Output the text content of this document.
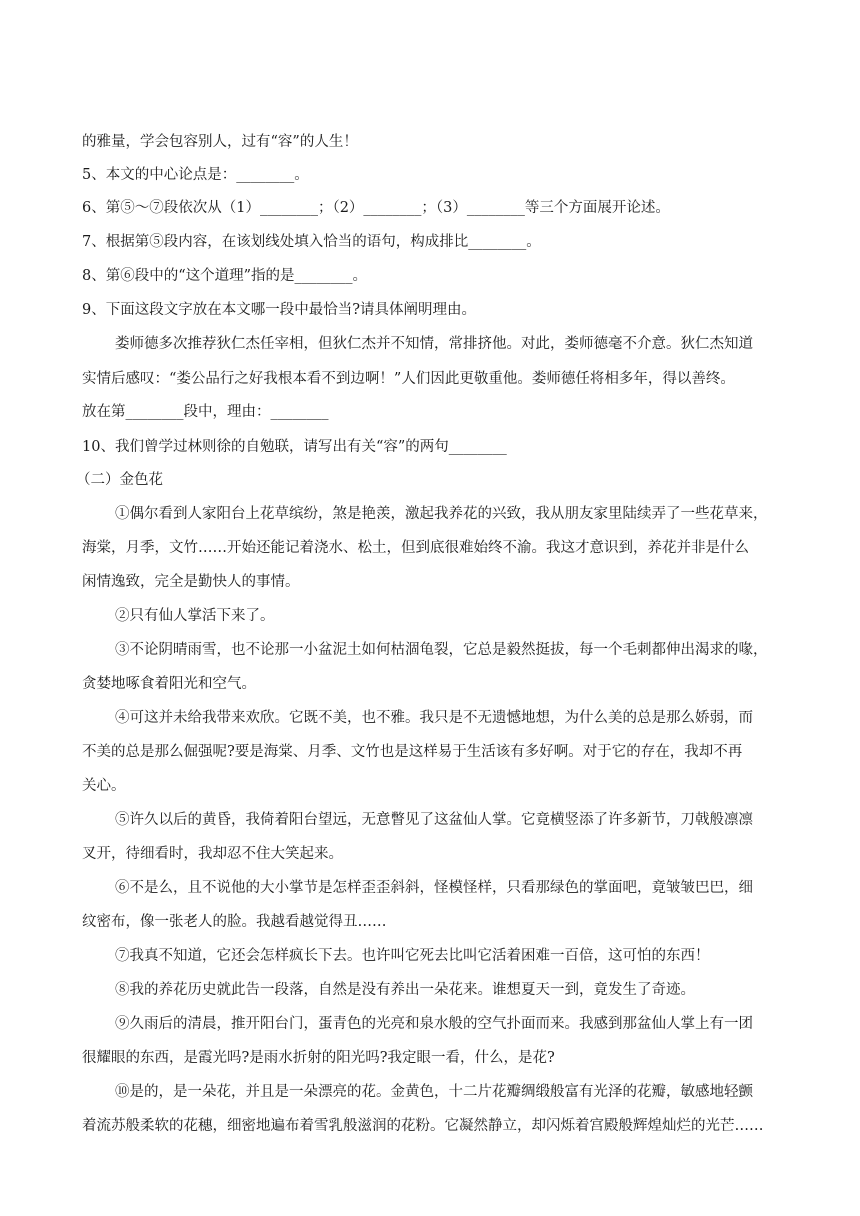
的雅量，学会包容别人，过有“容”的人生！
5、本文的中心论点是：________。
6、第⑤～⑦段依次从（1）________；（2）________；（3）________等三个方面展开论述。
7、根据第⑤段内容，在该划线处填入恰当的语句，构成排比________。
8、第⑥段中的“这个道理”指的是________。
9、下面这段文字放在本文哪一段中最恰当?请具体阐明理由。
娄师德多次推荐狄仁杰任宰相，但狄仁杰并不知情，常排挤他。对此，娄师德毫不介意。狄仁杰知道
实情后感叹：“娄公品行之好我根本看不到边啊！”人们因此更敬重他。娄师德任将相多年，得以善终。
放在第________段中，理由：________
10、我们曾学过林则徐的自勉联，请写出有关“容”的两句________
（二）金色花
①偶尔看到人家阳台上花草缤纷，煞是艳羡，激起我养花的兴致，我从朋友家里陆续弄了一些花草来，
海棠，月季，文竹……开始还能记着浇水、松土，但到底很难始终不渝。我这才意识到，养花并非是什么
闲情逸致，完全是勤快人的事情。
②只有仙人掌活下来了。
③不论阴晴雨雪，也不论那一小盆泥土如何枯涸龟裂，它总是毅然挺拔，每一个毛刺都伸出渴求的喙，
贪婪地啄食着阳光和空气。
④可这并未给我带来欢欣。它既不美，也不雅。我只是不无遗憾地想，为什么美的总是那么娇弱，而
不美的总是那么倔强呢?要是海棠、月季、文竹也是这样易于生活该有多好啊。对于它的存在，我却不再
关心。
⑤许久以后的黄昏，我倚着阳台望远，无意瞥见了这盆仙人掌。它竟横竖添了许多新节，刀戟般凛凛
叉开，待细看时，我却忍不住大笑起来。
⑥不是么，且不说他的大小掌节是怎样歪歪斜斜，怪模怪样，只看那绿色的掌面吧，竟皱皱巴巴，细
纹密布，像一张老人的脸。我越看越觉得丑……
⑦我真不知道，它还会怎样疯长下去。也许叫它死去比叫它活着困难一百倍，这可怕的东西！
⑧我的养花历史就此告一段落，自然是没有养出一朵花来。谁想夏天一到，竟发生了奇迹。
⑨久雨后的清晨，推开阳台门，蛋青色的光亮和泉水般的空气扑面而来。我感到那盆仙人掌上有一团
很耀眼的东西，是霞光吗?是雨水折射的阳光吗?我定眼一看，什么，是花?
⑩是的，是一朵花，并且是一朵漂亮的花。金黄色，十二片花瓣绸缎般富有光泽的花瓣，敏感地轻颤
着流苏般柔软的花穗，细密地遍布着雪乳般滋润的花粉。它凝然静立，却闪烁着宫殿般辉煌灿烂的光芒……
